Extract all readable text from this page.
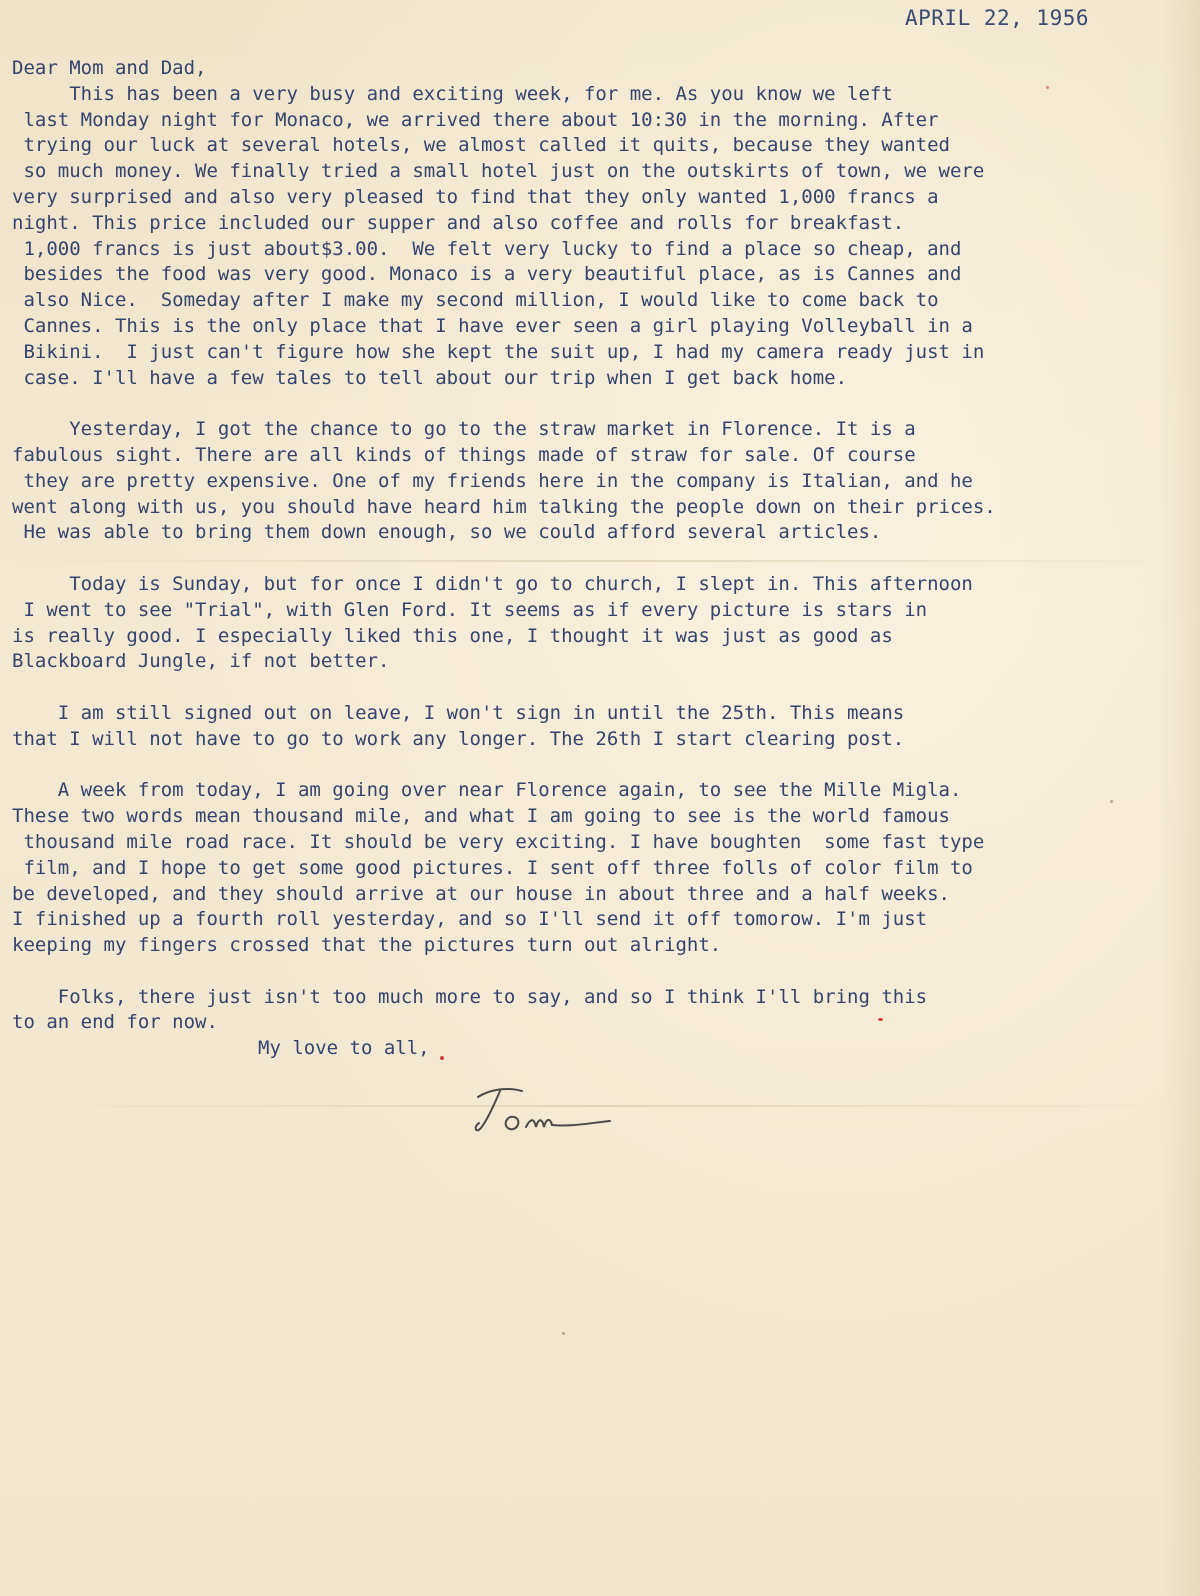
APRIL 22, 1956
Dear Mom and Dad,
This has been a very busy and exciting week, for me. As you know we left
last Monday night for Monaco, we arrived there about 10:30 in the morning. After
trying our luck at several hotels, we almost called it quits, because they wanted
so much money. We finally tried a small hotel just on the outskirts of town, we were
very surprised and also very pleased to find that they only wanted 1,000 francs a
night. This price included our supper and also coffee and rolls for breakfast.
1,000 francs is just about$3.00.  We felt very lucky to find a place so cheap, and
besides the food was very good. Monaco is a very beautiful place, as is Cannes and
also Nice.  Someday after I make my second million, I would like to come back to
Cannes. This is the only place that I have ever seen a girl playing Volleyball in a
Bikini.  I just can't figure how she kept the suit up, I had my camera ready just in
case. I'll have a few tales to tell about our trip when I get back home.
Yesterday, I got the chance to go to the straw market in Florence. It is a
fabulous sight. There are all kinds of things made of straw for sale. Of course
they are pretty expensive. One of my friends here in the company is Italian, and he
went along with us, you should have heard him talking the people down on their prices.
He was able to bring them down enough, so we could afford several articles.
Today is Sunday, but for once I didn't go to church, I slept in. This afternoon
I went to see "Trial", with Glen Ford. It seems as if every picture is stars in
is really good. I especially liked this one, I thought it was just as good as
Blackboard Jungle, if not better.
I am still signed out on leave, I won't sign in until the 25th. This means
that I will not have to go to work any longer. The 26th I start clearing post.
A week from today, I am going over near Florence again, to see the Mille Migla.
These two words mean thousand mile, and what I am going to see is the world famous
thousand mile road race. It should be very exciting. I have boughten  some fast type
film, and I hope to get some good pictures. I sent off three folls of color film to
be developed, and they should arrive at our house in about three and a half weeks.
I finished up a fourth roll yesterday, and so I'll send it off tomorow. I'm just
keeping my fingers crossed that the pictures turn out alright.
Folks, there just isn't too much more to say, and so I think I'll bring this
to an end for now.
My love to all,
